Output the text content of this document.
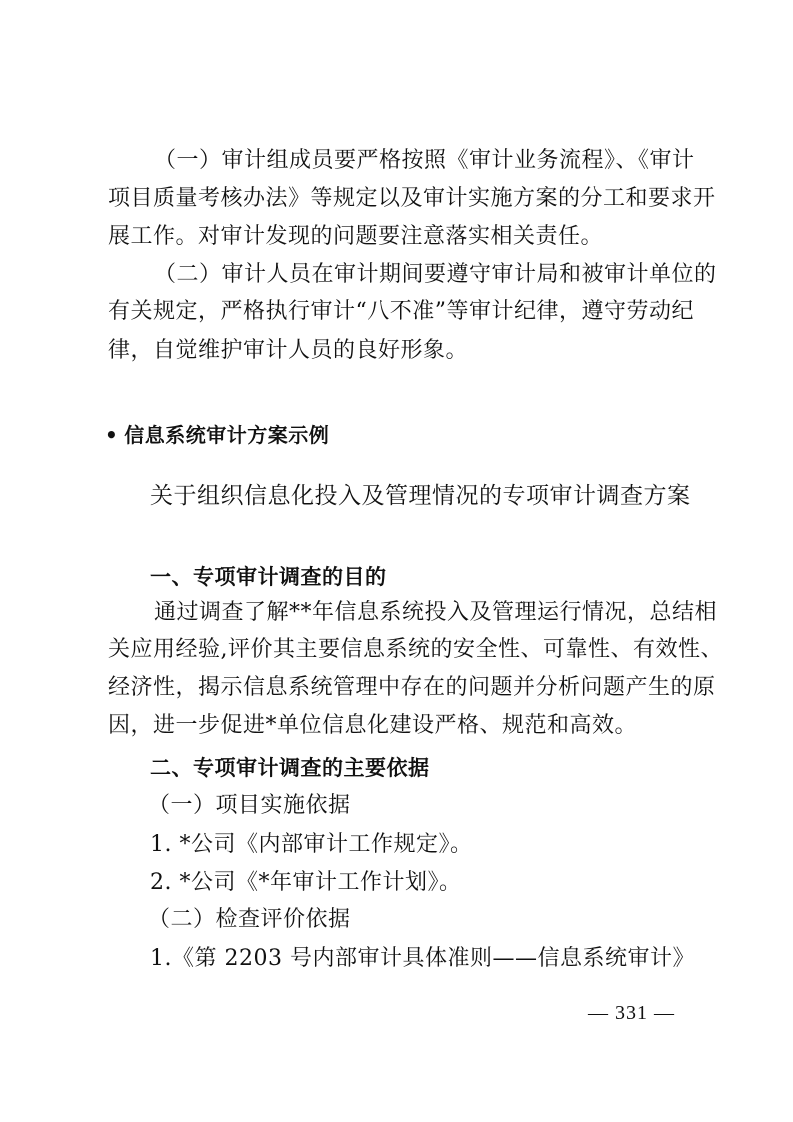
（一）审计组成员要严格按照《审计业务流程》、《审计
项目质量考核办法》等规定以及审计实施方案的分工和要求开
展工作。对审计发现的问题要注意落实相关责任。
（二）审计人员在审计期间要遵守审计局和被审计单位的
有关规定，严格执行审计“八不准”等审计纪律，遵守劳动纪
律，自觉维护审计人员的良好形象。
• 信息系统审计方案示例
关于组织信息化投入及管理情况的专项审计调查方案
一、专项审计调查的目的
通过调查了解**年信息系统投入及管理运行情况，总结相
关应用经验,评价其主要信息系统的安全性、可靠性、有效性、
经济性，揭示信息系统管理中存在的问题并分析问题产生的原
因，进一步促进*单位信息化建设严格、规范和高效。
二、专项审计调查的主要依据
（一）项目实施依据
1. *公司《内部审计工作规定》。
2. *公司《*年审计工作计划》。
（二）检查评价依据
1.《第 2203 号内部审计具体准则——信息系统审计》
— 331 —
